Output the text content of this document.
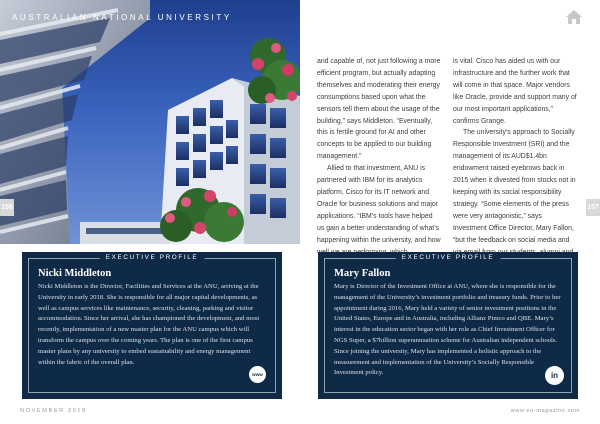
AUSTRALIAN NATIONAL UNIVERSITY
156	157

and capable of, not just following a more efficient program, but actually adapting themselves and moderating their energy consumptions based upon what the sensors tell them about the usage of the building,” says Middleton. “Eventually, this is fertile ground for AI and other concepts to be applied to our building management.”

Allied to that investment, ANU is partnered with IBM for its analytics platform, Cisco for its IT network and Oracle for business solutions and major applications. “IBM’s tools have helped us gain a better understanding of what’s happening within the university, and how

is vital. Cisco has aided us with our infrastructure and the further work that will come in that space. Major vendors like Oracle, provide and support many of our most important applications,” confirms Grange.

The university’s approach to Socially Responsible Investment (SRI) and the management of its AUD$1.4bn endowment raised eyebrows back in 2015 when it divested from stocks not in keeping with its social responsibility strategy. “Some elements of the press were very antagonistic,” says Investment Office Director, Mary Fallon, “but the feedback on social media and

EXECUTIVE PROFILE
Nicki Middleton
Nicki Middleton is the Director, Facilities and Services at the ANU, arriving at the University in early 2018. She is responsible for all major capital developments, as well as campus services like maintenance, security, cleaning, parking and visitor accommodation. Since her arrival, she has championed the development, and most recently, implementation of a new master plan for the ANU campus which will transform the campus over the coming years. The plan is one of the first campus master plans by any university to embed sustainability and energy management within the fabric of the overall plan.
www
EXECUTIVE PROFILE
Mary Fallon
Mary is Director of the Investment Office at ANU, where she is responsible for the management of the University’s investment portfolio and treasury funds. Prior to her appointment during 2016, Mary held a variety of senior investment positions in the United States, Europe and in Australia, including Allianz Pimco and QBE. Mary’s interest in the education sector began with her role as Chief Investment Officer for NGS Super, a $7billion superannuation scheme for Australian independent schools. Since joining the university, Mary has implemented a holistic approach to the measurement and implementation of the University’s Socially Responsible Investment policy.	in
NOVEMBER 2018	www.eu-magazine.com
